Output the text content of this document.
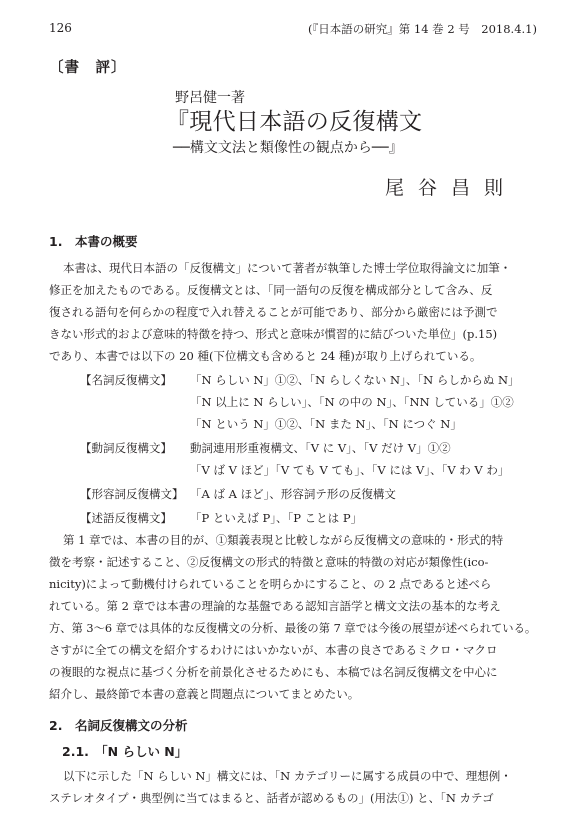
126	(『日本語の研究』第 14 巻 2 号　2018.4.1)
〔書　評〕
野呂健一著
『現代日本語の反復構文
──構文文法と類像性の観点から──』
尾谷昌則
1.　本書の概要
本書は、現代日本語の「反復構文」について著者が執筆した博士学位取得論文に加筆・
修正を加えたものである。反復構文とは、「同一語句の反復を構成部分として含み、反
復される語句を何らかの程度で入れ替えることが可能であり、部分から厳密には予測で
きない形式的および意味的特徴を持つ、形式と意味が慣習的に結びついた単位」(p.15)
であり、本書では以下の 20 種(下位構文も含めると 24 種)が取り上げられている。
【名詞反復構文】 「N らしい N」①②、「N らしくない N」、「N らしからぬ N」
「N 以上に N らしい」、「N の中の N」、「NN している」①②
「N という N」①②、「N また N」、「N につぐ N」
【動詞反復構文】 動詞連用形重複構文、「V に V」、「V だけ V」①②
「V ば V ほど」「V ても V ても」、「V には V」、「V わ V わ」
【形容詞反復構文】 「A ば A ほど」、形容詞テ形の反復構文
【述語反復構文】 「P といえば P」、「P ことは P」
第 1 章では、本書の目的が、①類義表現と比較しながら反復構文の意味的・形式的特
徴を考察・記述すること、②反復構文の形式的特徴と意味的特徴の対応が類像性(ico-
nicity)によって動機付けられていることを明らかにすること、の 2 点であると述べら
れている。第 2 章では本書の理論的な基盤である認知言語学と構文文法の基本的な考え
方、第 3〜6 章では具体的な反復構文の分析、最後の第 7 章では今後の展望が述べられている。
さすがに全ての構文を紹介するわけにはいかないが、本書の良さであるミクロ・マクロ
の複眼的な視点に基づく分析を前景化させるためにも、本稿では名詞反復構文を中心に
紹介し、最終節で本書の意義と問題点についてまとめたい。
2.　名詞反復構文の分析
2.1.　「N らしい N」
以下に示した「N らしい N」構文には、「N カテゴリーに属する成員の中で、理想例・
ステレオタイプ・典型例に当てはまると、話者が認めるもの」(用法①) と、「N カテゴ
